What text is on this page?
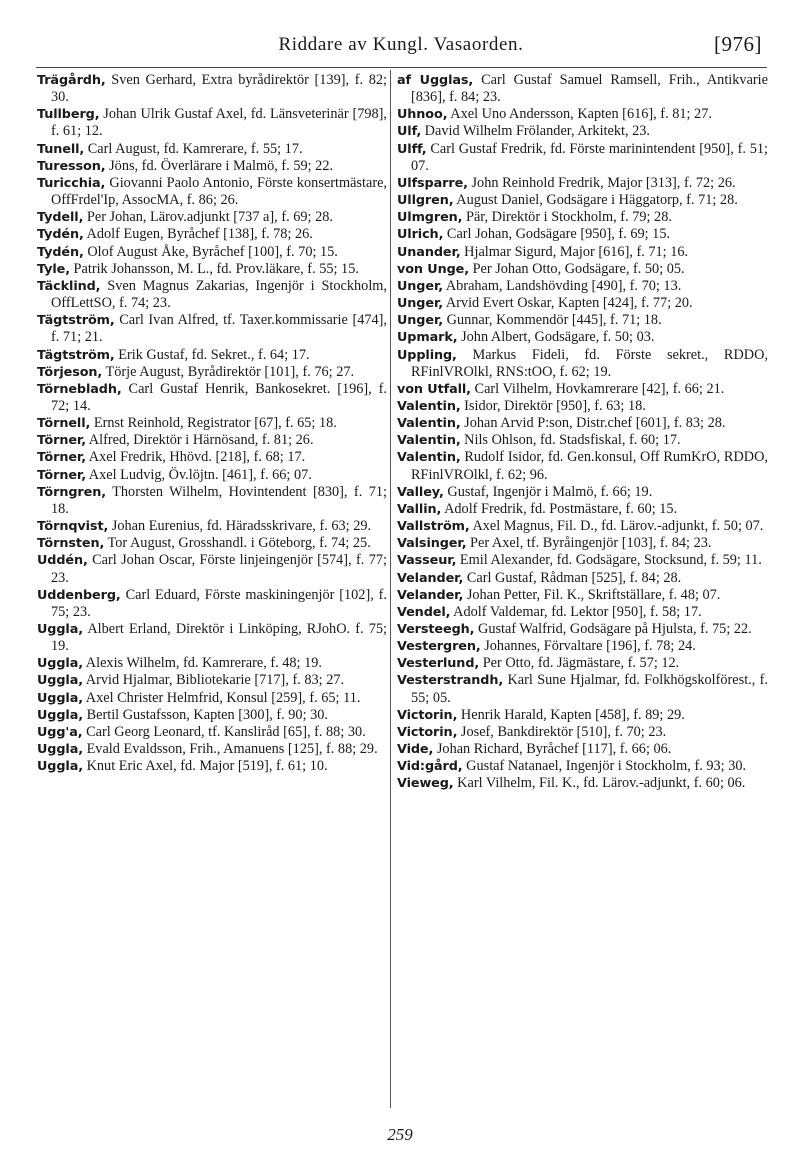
Riddare av Kungl. Vasaorden.	[976]
Trägårdh, Sven Gerhard, Extra byrådirektör [139], f. 82; 30.
Tullberg, Johan Ulrik Gustaf Axel, fd. Länsveterinär [798], f. 61; 12.
Tunell, Carl August, fd. Kamrerare, f. 55; 17.
Turesson, Jöns, fd. Överlärare i Malmö, f. 59; 22.
Turicchia, Giovanni Paolo Antonio, Förste konsertmästare, OffFrdel'Ip, AssocMA, f. 86; 26.
Tydell, Per Johan, Lärov.adjunkt [737 a], f. 69; 28.
Tydén, Adolf Eugen, Byråchef [138], f. 78; 26.
Tydén, Olof August Åke, Byråchef [100], f. 70; 15.
Tyle, Patrik Johansson, M. L., fd. Prov.läkare, f. 55; 15.
Täcklind, Sven Magnus Zakarias, Ingenjör i Stockholm, OffLettSO, f. 74; 23.
Tägtström, Carl Ivan Alfred, tf. Taxer.kommissarie [474], f. 71; 21.
Tägtström, Erik Gustaf, fd. Sekret., f. 64; 17.
Törjeson, Törje August, Byrådirektör [101], f. 76; 27.
Törnebladh, Carl Gustaf Henrik, Bankosekret. [196], f. 72; 14.
Törnell, Ernst Reinhold, Registrator [67], f. 65; 18.
Törner, Alfred, Direktör i Härnösand, f. 81; 26.
Törner, Axel Fredrik, Hhövd. [218], f. 68; 17.
Törner, Axel Ludvig, Öv.löjtn. [461], f. 66; 07.
Törngren, Thorsten Wilhelm, Hovintendent [830], f. 71; 18.
Törnqvist, Johan Eurenius, fd. Häradsskrivare, f. 63; 29.
Törnsten, Tor August, Grosshandl. i Göteborg, f. 74; 25.
Uddén, Carl Johan Oscar, Förste linjeingenjör [574], f. 77; 23.
Uddenberg, Carl Eduard, Förste maskiningenjör [102], f. 75; 23.
Uggla, Albert Erland, Direktör i Linköping, RJohO. f. 75; 19.
Uggla, Alexis Wilhelm, fd. Kamrerare, f. 48; 19.
Uggla, Arvid Hjalmar, Bibliotekarie [717], f. 83; 27.
Uggla, Axel Christer Helmfrid, Konsul [259], f. 65; 11.
Uggla, Bertil Gustafsson, Kapten [300], f. 90; 30.
Ugg'a, Carl Georg Leonard, tf. Kansliråd [65], f. 88; 30.
Uggla, Evald Evaldsson, Frih., Amanuens [125], f. 88; 29.
Uggla, Knut Eric Axel, fd. Major [519], f. 61; 10.
af Ugglas, Carl Gustaf Samuel Ramsell, Frih., Antikvarie [836], f. 84; 23.
Uhnoo, Axel Uno Andersson, Kapten [616], f. 81; 27.
Ulf, David Wilhelm Frölander, Arkitekt, 23.
Ulff, Carl Gustaf Fredrik, fd. Förste marinintendent [950], f. 51; 07.
Ulfsparre, John Reinhold Fredrik, Major [313], f. 72; 26.
Ullgren, August Daniel, Godsägare i Häggatorp, f. 71; 28.
Ulmgren, Pär, Direktör i Stockholm, f. 79; 28.
Ulrich, Carl Johan, Godsägare [950], f. 69; 15.
Unander, Hjalmar Sigurd, Major [616], f. 71; 16.
von Unge, Per Johan Otto, Godsägare, f. 50; 05.
Unger, Abraham, Landshövding [490], f. 70; 13.
Unger, Arvid Evert Oskar, Kapten [424], f. 77; 20.
Unger, Gunnar, Kommendör [445], f. 71; 18.
Upmark, John Albert, Godsägare, f. 50; 03.
Uppling, Markus Fideli, fd. Förste sekret., RDDO, RFinlVROlkl, RNS:tOO, f. 62; 19.
von Utfall, Carl Vilhelm, Hovkamrerare [42], f. 66; 21.
Valentin, Isidor, Direktör [950], f. 63; 18.
Valentin, Johan Arvid P:son, Distr.chef [601], f. 83; 28.
Valentin, Nils Ohlson, fd. Stadsfiskal, f. 60; 17.
Valentin, Rudolf Isidor, fd. Gen.konsul, Off RumKrO, RDDO, RFinlVROlkl, f. 62; 96.
Valley, Gustaf, Ingenjör i Malmö, f. 66; 19.
Vallin, Adolf Fredrik, fd. Postmästare, f. 60; 15.
Vallström, Axel Magnus, Fil. D., fd. Lärov.-adjunkt, f. 50; 07.
Valsinger, Per Axel, tf. Byråingenjör [103], f. 84; 23.
Vasseur, Emil Alexander, fd. Godsägare, Stocksund, f. 59; 11.
Velander, Carl Gustaf, Rådman [525], f. 84; 28.
Velander, Johan Petter, Fil. K., Skriftställare, f. 48; 07.
Vendel, Adolf Valdemar, fd. Lektor [950], f. 58; 17.
Versteegh, Gustaf Walfrid, Godsägare på Hjulsta, f. 75; 22.
Vestergren, Johannes, Förvaltare [196], f. 78; 24.
Vesterlund, Per Otto, fd. Jägmästare, f. 57; 12.
Vesterstrandh, Karl Sune Hjalmar, fd. Folkhögskolförest., f. 55; 05.
Victorin, Henrik Harald, Kapten [458], f. 89; 29.
Victorin, Josef, Bankdirektör [510], f. 70; 23.
Vide, Johan Richard, Byråchef [117], f. 66; 06.
Vid:gård, Gustaf Natanael, Ingenjör i Stockholm, f. 93; 30.
Vieweg, Karl Vilhelm, Fil. K., fd. Lärov.-adjunkt, f. 60; 06.
259
